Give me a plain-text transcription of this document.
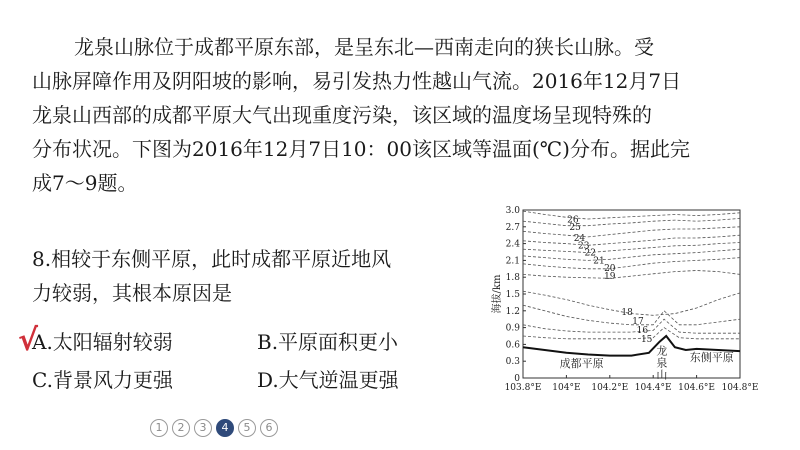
龙泉山脉位于成都平原东部，是呈东北—西南走向的狭长山脉。受
山脉屏障作用及阴阳坡的影响，易引发热力性越山气流。2016年12月7日
龙泉山西部的成都平原大气出现重度污染，该区域的温度场呈现特殊的
分布状况。下图为2016年12月7日10：00该区域等温面(℃)分布。据此完
成7～9题。
8.相较于东侧平原，此时成都平原近地风
力较弱，其根本原因是
√
A.太阳辐射较弱	B.平原面积更小
C.背景风力更强	D.大气逆温更强
1	2	3	4	5	6
3.0
2.7
2.4
2.1
1.8
1.5
1.2
0.9
0.6
0.3
0
103.8°E 104°E 104.2°E 104.4°E 104.6°E 104.8°E
海拔/km
26
25
24
23
22
21
20
19
18
17
16
15
成都平原
龙
泉
山
东侧平原
